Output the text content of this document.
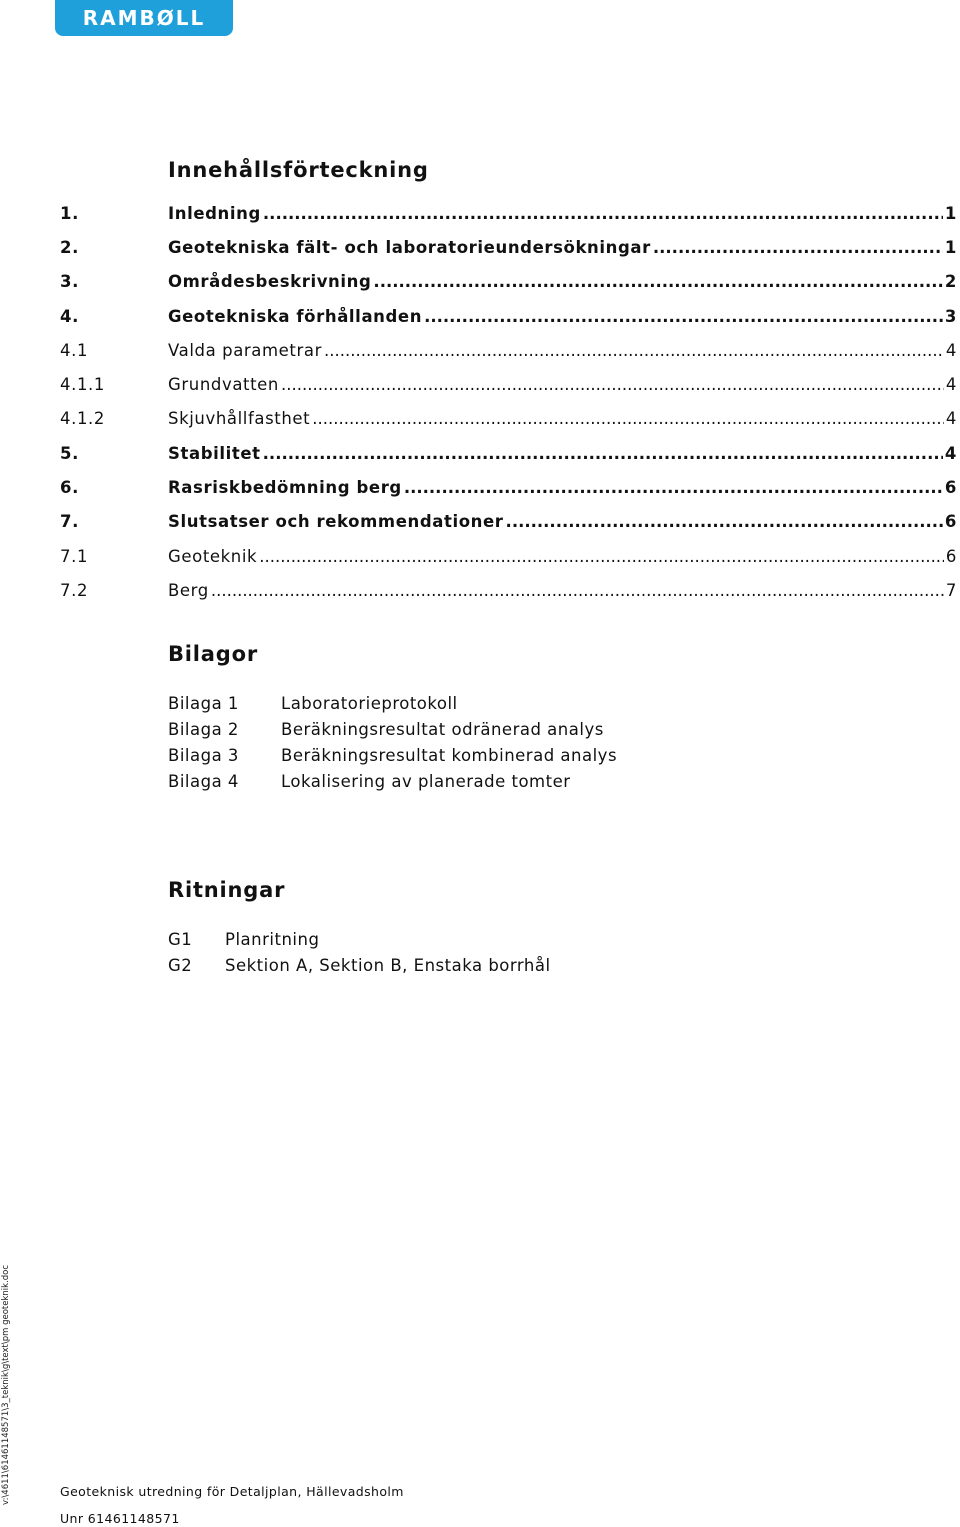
RAMBØLL
Innehållsförteckning
1.	Inledning .....	1
2.	Geotekniska fält- och laboratorieundersökningar .....	1
3.	Områdesbeskrivning .....	2
4.	Geotekniska förhållanden .....	3
4.1	Valda parametrar .....	4
4.1.1	Grundvatten .....	4
4.1.2	Skjuvhållfasthet .....	4
5.	Stabilitet .....	4
6.	Rasriskbedömning berg .....	6
7.	Slutsatser och rekommendationer .....	6
7.1	Geoteknik .....	6
7.2	Berg .....	7
Bilagor
Bilaga 1	Laboratorieprotokoll
Bilaga 2	Beräkningsresultat odränerad analys
Bilaga 3	Beräkningsresultat kombinerad analys
Bilaga 4	Lokalisering av planerade tomter
Ritningar
G1 Planritning
G2 Sektion A, Sektion B, Enstaka borrhål
v:\4611\61461148571\3_teknik\g\text\pm geoteknik.doc	Geoteknisk utredning för Detaljplan, Hällevadsholm
Unr 61461148571
